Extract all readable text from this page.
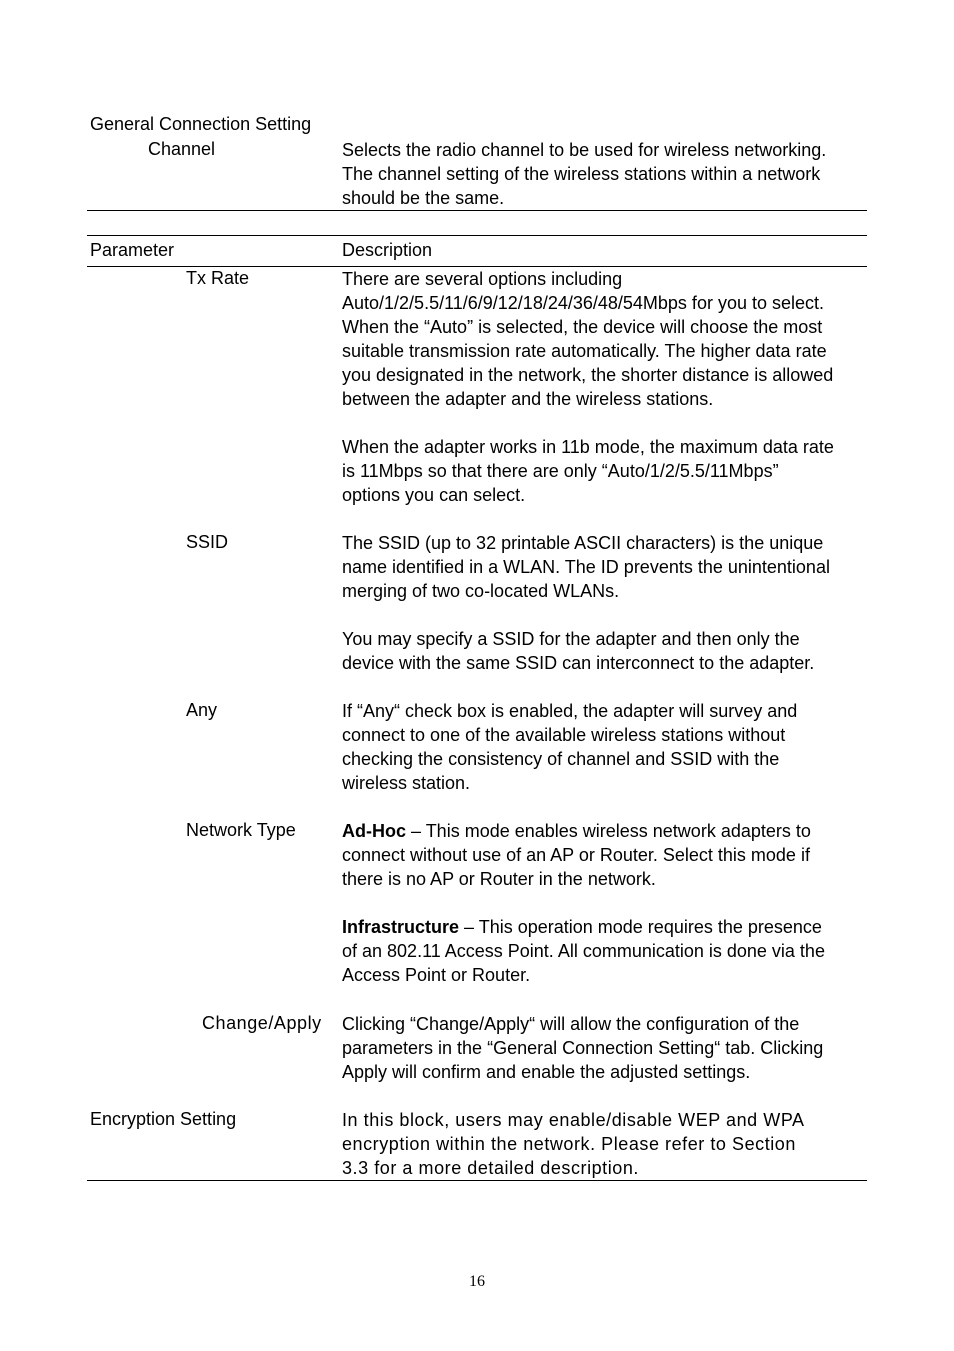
General Connection Setting
Channel	Selects the radio channel to be used for wireless networking.

The channel setting of the wireless stations within a network

should be the same.

Parameter	Description
Tx Rate	There are several options including

Auto/1/2/5.5/11/6/9/12/18/24/36/48/54Mbps for you to select.

When the “Auto” is selected, the device will choose the most

suitable transmission rate automatically. The higher data rate

you designated in the network, the shorter distance is allowed

between the adapter and the wireless stations.

When the adapter works in 11b mode, the maximum data rate

is 11Mbps so that there are only “Auto/1/2/5.5/11Mbps”

options you can select.

SSID	The SSID (up to 32 printable ASCII characters) is the unique

name identified in a WLAN. The ID prevents the unintentional

merging of two co-located WLANs.

You may specify a SSID for the adapter and then only the

device with the same SSID can interconnect to the adapter.

Any	If “Any“ check box is enabled, the adapter will survey and

connect to one of the available wireless stations without

checking the consistency of channel and SSID with the

wireless station.

Network Type	Ad-Hoc – This mode enables wireless network adapters to

connect without use of an AP or Router. Select this mode if

there is no AP or Router in the network.

Infrastructure – This operation mode requires the presence

of an 802.11 Access Point. All communication is done via the

Access Point or Router.

Change/Apply Clicking “Change/Apply“ will allow the configuration of the

parameters in the “General Connection Setting“ tab. Clicking

Apply will confirm and enable the adjusted settings.

Encryption Setting	In this block, users may enable/disable WEP and WPA

encryption within the network. Please refer to Section

3.3 for a more detailed description.

16
